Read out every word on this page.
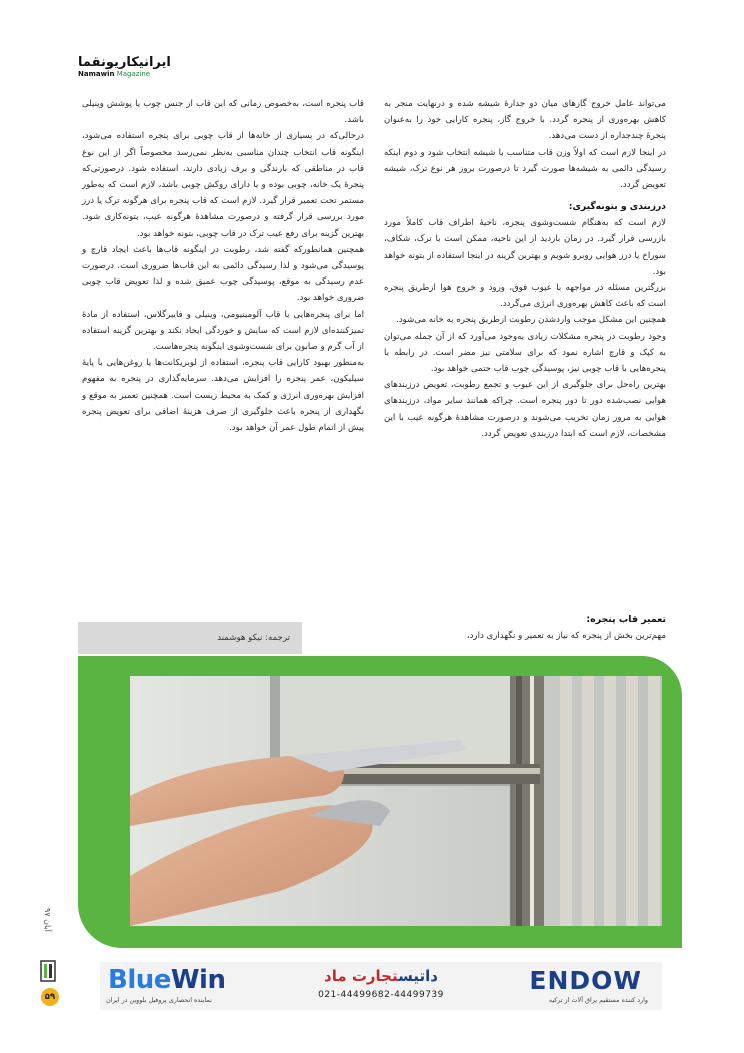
ایرانیکاریونقما
Namawin Magazine

می‌تواند عامل خروج گازهای میان دو جدارهٔ شیشه شده و درنهایت منجر به کاهش بهره‌وری از پنجره گردد. با خروج گاز، پنجره کارایی خود را به‌عنوان پنجرهٔ چندجداره از دست می‌دهد.

در اینجا لازم است که اولاً وزن قاب متناسب با شیشه انتخاب شود و دوم اینکه رسیدگی دائمی به شیشه‌ها صورت گیرد تا درصورت بروز هر نوع ترک، شیشه تعویض گردد.

درزبندی و بتونه‌گیری:

لازم است که به‌هنگام شست‌وشوی پنجره، ناحیهٔ اطراف قاب کاملاً مورد بازرسی قرار گیرد. در زمان بازدید از این ناحیه، ممکن است با ترک، شکاف، سوراخ یا درز هوایی روبرو شویم و بهترین گزینه در اینجا استفاده از بتونه خواهد بود.

بزرگترین مسئله در مواجهه با عیوب فوق، ورود و خروج هوا ازطریق پنجره است که باعث کاهش بهره‌وری انرژی می‌گردد.

همچنین این مشکل موجب واردشدن رطوبت ازطریق پنجره به خانه می‌شود.

وجود رطوبت در پنجره مشکلات زیادی به‌وجود می‌آورد که از آن جمله می‌توان به کپک و قارچ اشاره نمود که برای سلامتی نیز مضر است. در رابطه با پنجره‌هایی با قاب چوبی نیز، پوسیدگی چوب قاب حتمی خواهد بود.

بهترین راه‌حل برای جلوگیری از این عیوب و تجمع رطوبت، تعویض درزبندهای هوایی نصب‌شده دور تا دور پنجره است. چراکه همانند سایر مواد، درزبندهای هوایی به مرور زمان تخریب می‌شوند و درصورت مشاهدهٔ هرگونه عیب با این مشخصات، لازم است که ابتدا درزبندی تعویض گردد.

قاب پنجره است، به‌خصوص زمانی که این قاب از جنس چوب یا پوشش وینیلی باشد.

درحالی‌که در بسیاری از خانه‌ها از قاب چوبی برای پنجره استفاده می‌شود، اینگونه قاب انتخاب چندان مناسبی به‌نظر نمی‌رسد مخصوصاً اگر از این نوع قاب در مناطقی که بارندگی و برف زیادی دارند، استفاده شود. درصورتی‌که پنجرهٔ یک خانه، چوبی بوده و یا دارای روکش چوبی باشد، لازم است که به‌طور مستمر تحت تعمیر قرار گیرد. لازم است که قاب پنجره برای هرگونه ترک یا درز مورد بررسی قرار گرفته و درصورت مشاهدهٔ هرگونه عیب، بتونه‌کاری شود. بهترین گزینه برای رفع عیب ترک در قاب چوبی، بتونه خواهد بود.

همچنین همانطورکه گفته شد، رطوبت در اینگونه قاب‌ها باعث ایجاد قارچ و پوسیدگی می‌شود و لذا رسیدگی دائمی به این قاب‌ها ضروری است. درصورت عدم رسیدگی به موقع، پوسیدگی چوب عمیق شده و لذا تعویض قاب چوبی ضروری خواهد بود.

اما برای پنجره‌هایی با قاب آلومینیومی، وینیلی و فایبرگلاس، استفاده از مادهٔ تمیزکننده‌ای لازم است که سایش و خوردگی ایجاد نکند و بهترین گزینه استفاده از آب گرم و صابون برای شست‌وشوی اینگونه پنجره‌هاست.

به‌منظور بهبود کارایی قاب پنجره، استفاده از لوبریکانت‌ها یا روغن‌هایی با پایهٔ سیلیکون، عمر پنجره را افزایش می‌دهد. سرمایه‌گذاری در پنجره به مفهوم افزایش بهره‌وری انرژی و کمک به محیط زیست است. همچنین تعمیر به موقع و نگهداری از پنجره باعث جلوگیری از صرف هزینهٔ اضافی برای تعویض پنجره پیش از اتمام طول عمر آن خواهد بود.

تعمیر قاب پنجره:

مهم‌ترین بخش از پنجره که نیاز به تعمیر و نگهداری دارد،

ترجمه: نیکو هوشمند
ENDOW
وارد کننده مستقیم یراق آلات از ترکیه
داتیستجارت ماد
021-44499682-44499739
BlueWin
نماینده انحصاری پروفیل بلووین در ایران
آبان ۹۷
۵۹
